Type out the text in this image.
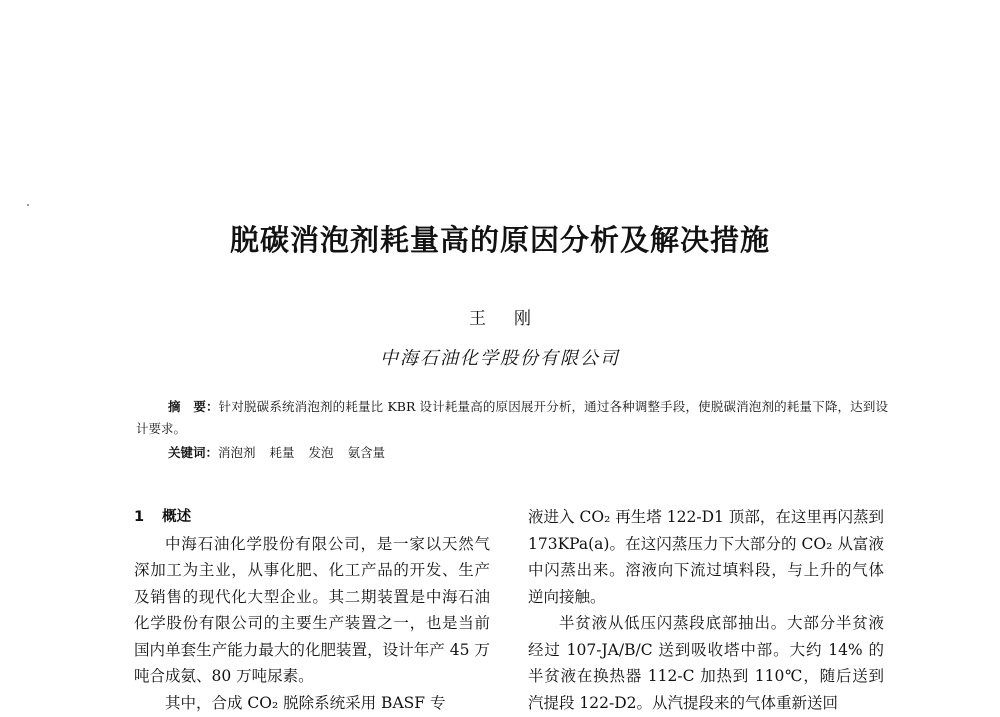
脱碳消泡剂耗量高的原因分析及解决措施
王刚
中海石油化学股份有限公司
摘　要：针对脱碳系统消泡剂的耗量比 KBR 设计耗量高的原因展开分析，通过各种调整手段，使脱碳消泡剂的耗量下降，达到设计要求。
关键词：消泡剂 耗量 发泡 氨含量
1 概述

中海石油化学股份有限公司，是一家以天然气深加工为主业，从事化肥、化工产品的开发、生产及销售的现代化大型企业。其二期装置是中海石油化学股份有限公司的主要生产装置之一，也是当前国内单套生产能力最大的化肥装置，设计年产 45 万吨合成氨、80 万吨尿素。

其中，合成 CO₂ 脱除系统采用 BASF 专

液进入 CO₂ 再生塔 122-D1 顶部，在这里再闪蒸到 173KPa(a)。在这闪蒸压力下大部分的 CO₂ 从富液中闪蒸出来。溶液向下流过填料段，与上升的气体逆向接触。

半贫液从低压闪蒸段底部抽出。大部分半贫液经过 107-JA/B/C 送到吸收塔中部。大约 14% 的半贫液在换热器 112-C 加热到 110℃，随后送到汽提段 122-D2。从汽提段来的气体重新送回
